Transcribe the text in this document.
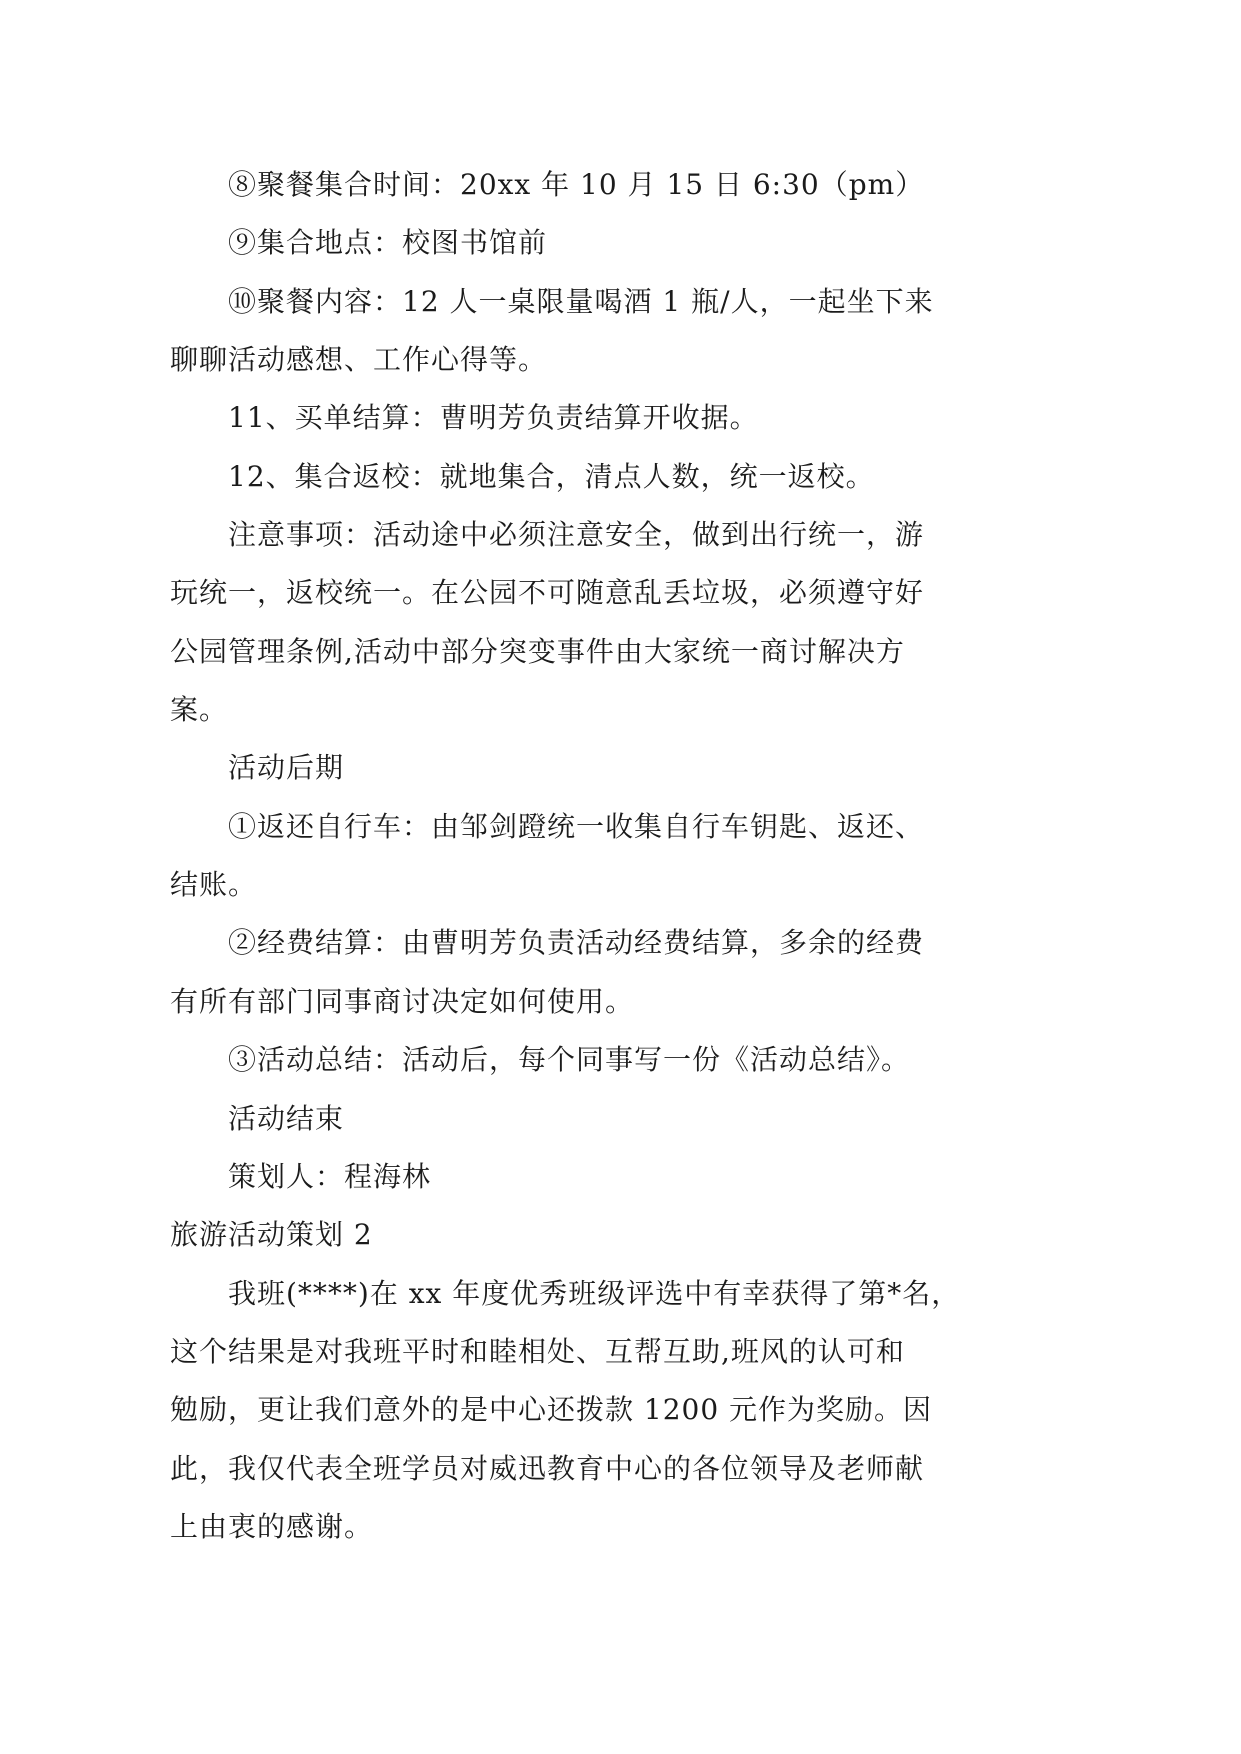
⑧聚餐集合时间：20xx 年 10 月 15 日 6:30（pm）
⑨集合地点：校图书馆前
⑩聚餐内容：12 人一桌限量喝酒 1 瓶/人，一起坐下来
聊聊活动感想、工作心得等。
11、买单结算：曹明芳负责结算开收据。
12、集合返校：就地集合，清点人数，统一返校。
注意事项：活动途中必须注意安全，做到出行统一，游
玩统一，返校统一。在公园不可随意乱丢垃圾，必须遵守好
公园管理条例,活动中部分突变事件由大家统一商讨解决方
案。
活动后期
①返还自行车：由邹剑蹬统一收集自行车钥匙、返还、
结账。
②经费结算：由曹明芳负责活动经费结算，多余的经费
有所有部门同事商讨决定如何使用。
③活动总结：活动后，每个同事写一份《活动总结》。
活动结束
策划人：程海林
旅游活动策划 2
我班(****)在 xx 年度优秀班级评选中有幸获得了第*名，
这个结果是对我班平时和睦相处、互帮互助,班风的认可和
勉励，更让我们意外的是中心还拨款 1200 元作为奖励。因
此，我仅代表全班学员对威迅教育中心的各位领导及老师献
上由衷的感谢。
